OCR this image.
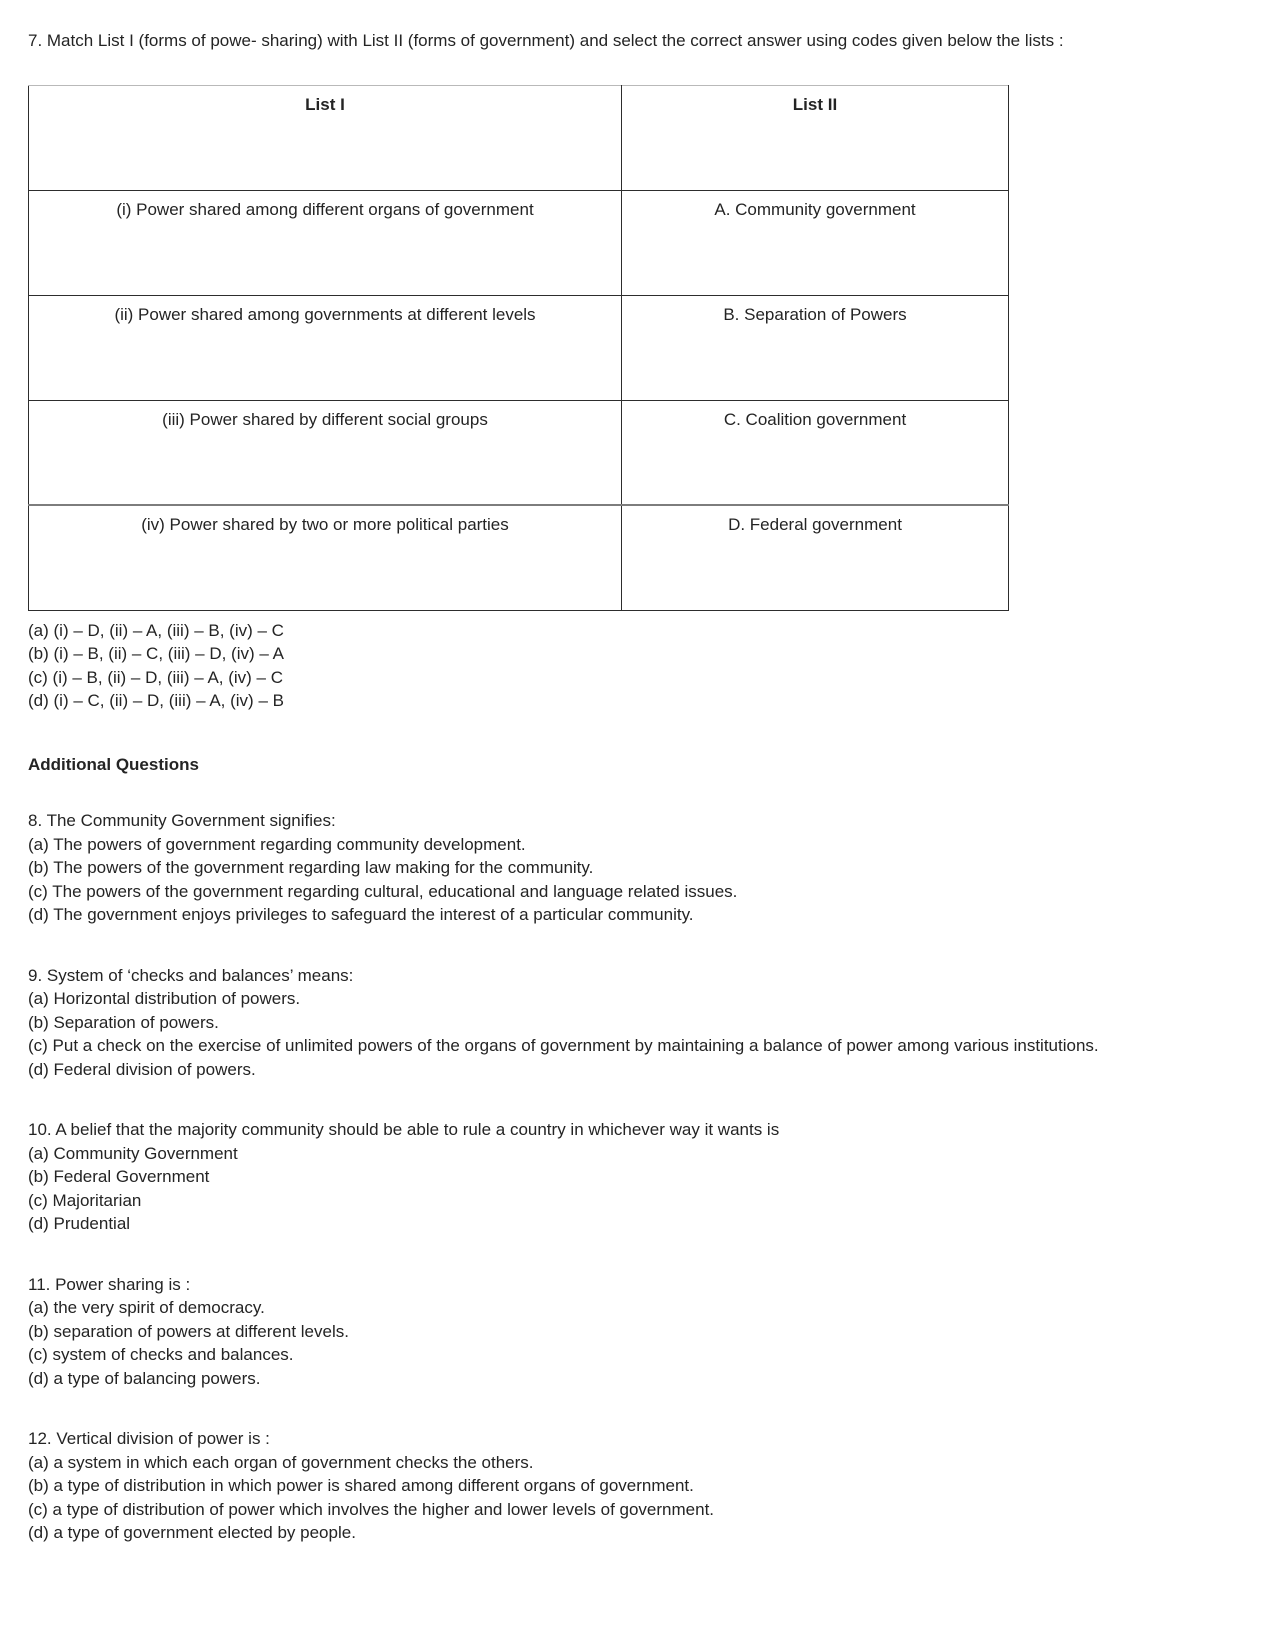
7. Match List I (forms of powe- sharing) with List II (forms of government) and select the correct answer using codes given below the lists :

List I	List II
(i) Power shared among different organs of government	A. Community government
(ii) Power shared among governments at different levels	B. Separation of Powers
(iii) Power shared by different social groups	C. Coalition government
(iv) Power shared by two or more political parties	D. Federal government

(a) (i) – D, (ii) – A, (iii) – B, (iv) – C

(b) (i) – B, (ii) – C, (iii) – D, (iv) – A

(c) (i) – B, (ii) – D, (iii) – A, (iv) – C

(d) (i) – C, (ii) – D, (iii) – A, (iv) – B

Additional Questions

8. The Community Government signifies:

(a) The powers of government regarding community development.

(b) The powers of the government regarding law making for the community.

(c) The powers of the government regarding cultural, educational and language related issues.

(d) The government enjoys privileges to safeguard the interest of a particular community.

9. System of ‘checks and balances’ means:

(a) Horizontal distribution of powers.

(b) Separation of powers.

(c) Put a check on the exercise of unlimited powers of the organs of government by maintaining a balance of power among various institutions.

(d) Federal division of powers.

10. A belief that the majority community should be able to rule a country in whichever way it wants is

(a) Community Government

(b) Federal Government

(c) Majoritarian

(d) Prudential

11. Power sharing is :

(a) the very spirit of democracy.

(b) separation of powers at different levels.

(c) system of checks and balances.

(d) a type of balancing powers.

12. Vertical division of power is :

(a) a system in which each organ of government checks the others.

(b) a type of distribution in which power is shared among different organs of government.

(c) a type of distribution of power which involves the higher and lower levels of government.

(d) a type of government elected by people.
